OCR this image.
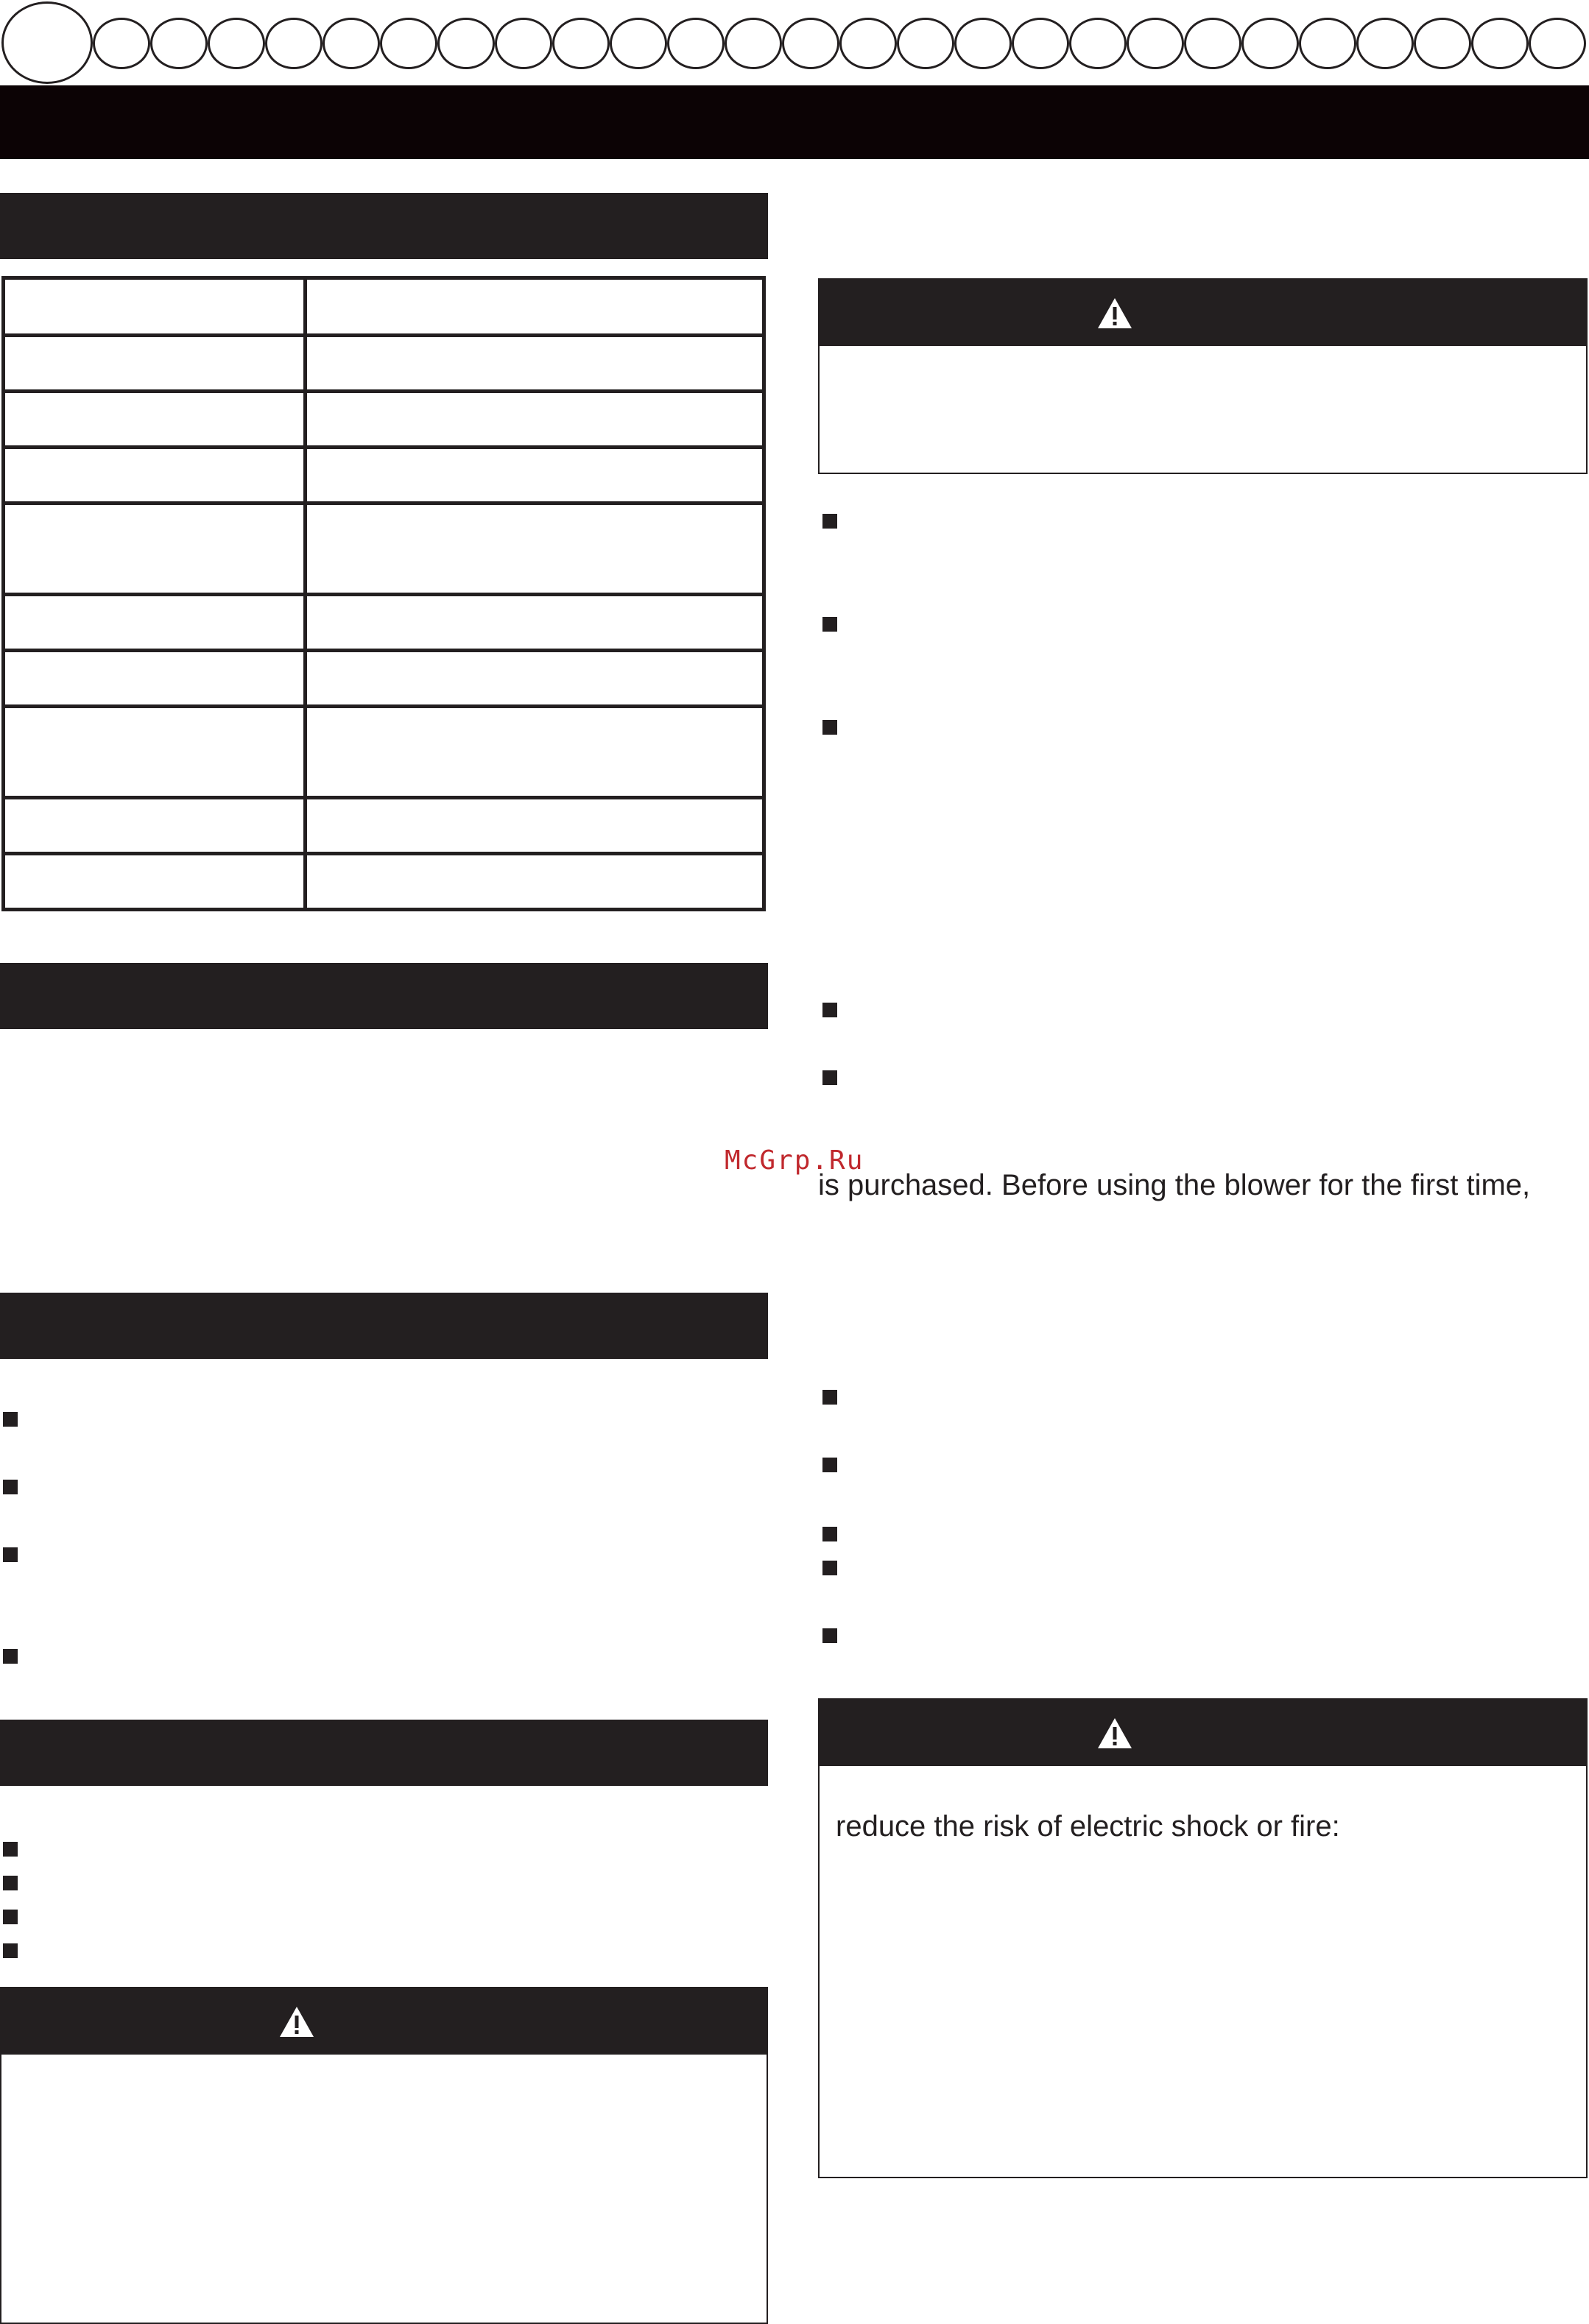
McGrp.Ru
is purchased. Before using the blower for the first time,
reduce the risk of electric shock or fire:
